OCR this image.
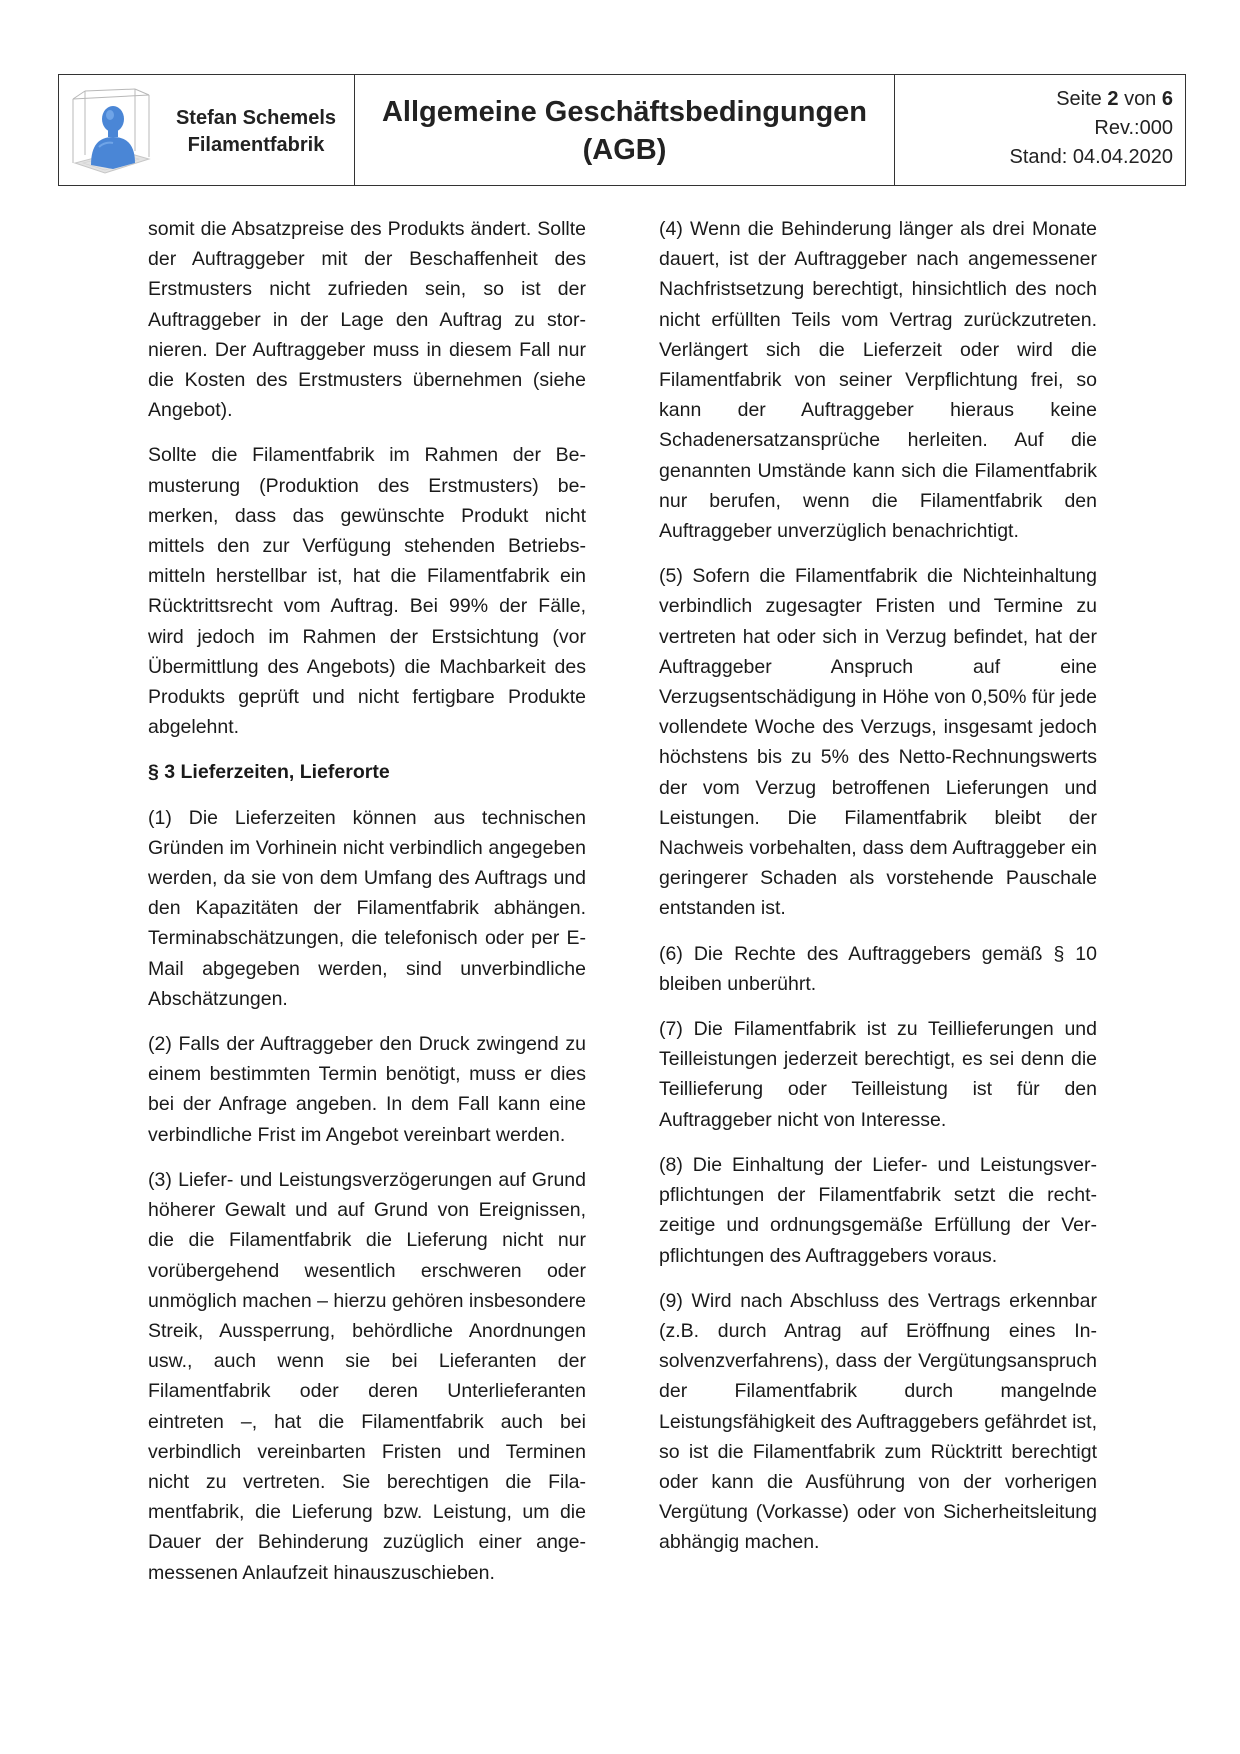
Stefan Schemels
Filamentfabrik
Allgemeine Geschäftsbedingungen
(AGB)
Seite 2 von 6
Rev.:000
Stand: 04.04.2020

somit die Absatzpreise des Produkts ändert. Sollte der Auftraggeber mit der Beschaffenheit des Erstmusters nicht zufrieden sein, so ist der Auftraggeber in der Lage den Auftrag zu stornieren. Der Auftraggeber muss in diesem Fall nur die Kosten des Erstmusters übernehmen (siehe Angebot).

Sollte die Filamentfabrik im Rahmen der Bemusterung (Produktion des Erstmusters) bemerken, dass das gewünschte Produkt nicht mittels den zur Verfügung stehenden Betriebsmitteln herstellbar ist, hat die Filamentfabrik ein Rücktrittsrecht vom Auftrag. Bei 99% der Fälle, wird jedoch im Rahmen der Erstsichtung (vor Übermittlung des Angebots) die Machbarkeit des Produkts geprüft und nicht fertigbare Produkte abgelehnt.

§ 3 Lieferzeiten, Lieferorte

(1) Die Lieferzeiten können aus technischen Gründen im Vorhinein nicht verbindlich angegeben werden, da sie von dem Umfang des Auftrags und den Kapazitäten der Filamentfabrik abhängen. Terminabschätzungen, die telefonisch oder per E-Mail abgegeben werden, sind unverbindliche Abschätzungen.

(2) Falls der Auftraggeber den Druck zwingend zu einem bestimmten Termin benötigt, muss er dies bei der Anfrage angeben. In dem Fall kann eine verbindliche Frist im Angebot vereinbart werden.

(3) Liefer- und Leistungsverzögerungen auf Grund höherer Gewalt und auf Grund von Ereignissen, die die Filamentfabrik die Lieferung nicht nur vorübergehend wesentlich erschweren oder unmöglich machen – hierzu gehören insbesondere Streik, Aussperrung, behördliche Anordnungen usw., auch wenn sie bei Lieferanten der Filamentfabrik oder deren Unterlieferanten eintreten –, hat die Filamentfabrik auch bei verbindlich vereinbarten Fristen und Terminen nicht zu vertreten. Sie berechtigen die Filamentfabrik, die Lieferung bzw. Leistung, um die Dauer der Behinderung zuzüglich einer angemessenen Anlaufzeit hinauszuschieben.

(4) Wenn die Behinderung länger als drei Monate dauert, ist der Auftraggeber nach angemessener Nachfristsetzung berechtigt, hinsichtlich des noch nicht erfüllten Teils vom Vertrag zurückzutreten. Verlängert sich die Lieferzeit oder wird die Filamentfabrik von seiner Verpflichtung frei, so kann der Auftraggeber hieraus keine Schadenersatzansprüche herleiten. Auf die genannten Umstände kann sich die Filamentfabrik nur berufen, wenn die Filamentfabrik den Auftraggeber unverzüglich benachrichtigt.

(5) Sofern die Filamentfabrik die Nichteinhaltung verbindlich zugesagter Fristen und Termine zu vertreten hat oder sich in Verzug befindet, hat der Auftraggeber Anspruch auf eine Verzugsentschädigung in Höhe von 0,50% für jede vollendete Woche des Verzugs, insgesamt jedoch höchstens bis zu 5% des Netto-Rechnungswerts der vom Verzug betroffenen Lieferungen und Leistungen. Die Filamentfabrik bleibt der Nachweis vorbehalten, dass dem Auftraggeber ein geringerer Schaden als vorstehende Pauschale entstanden ist.

(6) Die Rechte des Auftraggebers gemäß § 10 bleiben unberührt.

(7) Die Filamentfabrik ist zu Teillieferungen und Teilleistungen jederzeit berechtigt, es sei denn die Teillieferung oder Teilleistung ist für den Auftraggeber nicht von Interesse.

(8) Die Einhaltung der Liefer- und Leistungsverpflichtungen der Filamentfabrik setzt die rechtzeitige und ordnungsgemäße Erfüllung der Verpflichtungen des Auftraggebers voraus.

(9) Wird nach Abschluss des Vertrags erkennbar (z.B. durch Antrag auf Eröffnung eines Insolvenzverfahrens), dass der Vergütungsanspruch der Filamentfabrik durch mangelnde Leistungsfähigkeit des Auftraggebers gefährdet ist, so ist die Filamentfabrik zum Rücktritt berechtigt oder kann die Ausführung von der vorherigen Vergütung (Vorkasse) oder von Sicherheitsleitung abhängig machen.
